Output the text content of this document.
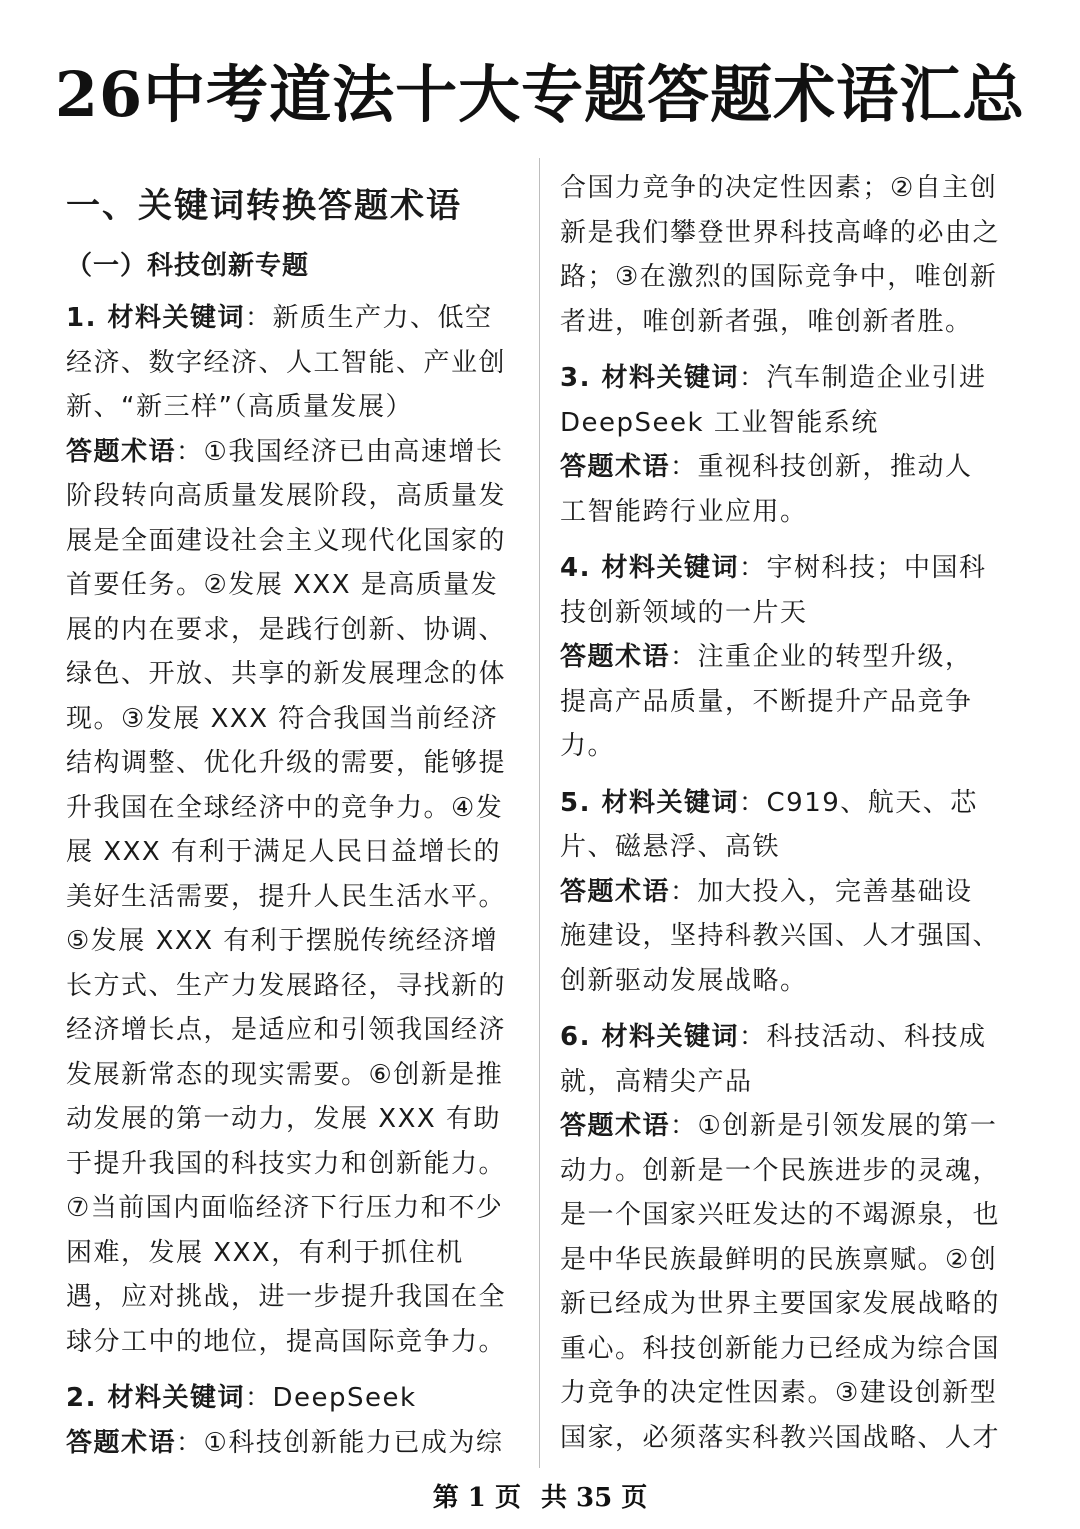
26中考道法十大专题答题术语汇总
一、关键词转换答题术语
（一）科技创新专题

1. 材料关键词：新质生产力、低空经济、数字经济、人工智能、产业创新、“新三样”（高质量发展）

答题术语：①我国经济已由高速增长阶段转向高质量发展阶段，高质量发展是全面建设社会主义现代化国家的首要任务。②发展 XXX 是高质量发展的内在要求，是践行创新、协调、绿色、开放、共享的新发展理念的体现。③发展 XXX 符合我国当前经济结构调整、优化升级的需要，能够提升我国在全球经济中的竞争力。④发展 XXX 有利于满足人民日益增长的美好生活需要，提升人民生活水平。⑤发展 XXX 有利于摆脱传统经济增长方式、生产力发展路径，寻找新的经济增长点，是适应和引领我国经济发展新常态的现实需要。⑥创新是推动发展的第一动力，发展 XXX 有助于提升我国的科技实力和创新能力。⑦当前国内面临经济下行压力和不少困难，发展 XXX，有利于抓住机遇，应对挑战，进一步提升我国在全球分工中的地位，提高国际竞争力。

2. 材料关键词：DeepSeek

答题术语：①科技创新能力已成为综

合国力竞争的决定性因素；②自主创新是我们攀登世界科技高峰的必由之路；③在激烈的国际竞争中，唯创新者进，唯创新者强，唯创新者胜。

3. 材料关键词：汽车制造企业引进 DeepSeek 工业智能系统

答题术语：重视科技创新，推动人工智能跨行业应用。

4. 材料关键词：宇树科技；中国科技创新领域的一片天

答题术语：注重企业的转型升级，提高产品质量，不断提升产品竞争力。

5. 材料关键词：C919、航天、芯片、磁悬浮、高铁

答题术语：加大投入，完善基础设施建设，坚持科教兴国、人才强国、创新驱动发展战略。

6. 材料关键词：科技活动、科技成就，高精尖产品

答题术语：①创新是引领发展的第一动力。创新是一个民族进步的灵魂，是一个国家兴旺发达的不竭源泉，也是中华民族最鲜明的民族禀赋。②创新已经成为世界主要国家发展战略的重心。科技创新能力已经成为综合国力竞争的决定性因素。③建设创新型国家，必须落实科教兴国战略、人才

第 1 页 共 35 页
